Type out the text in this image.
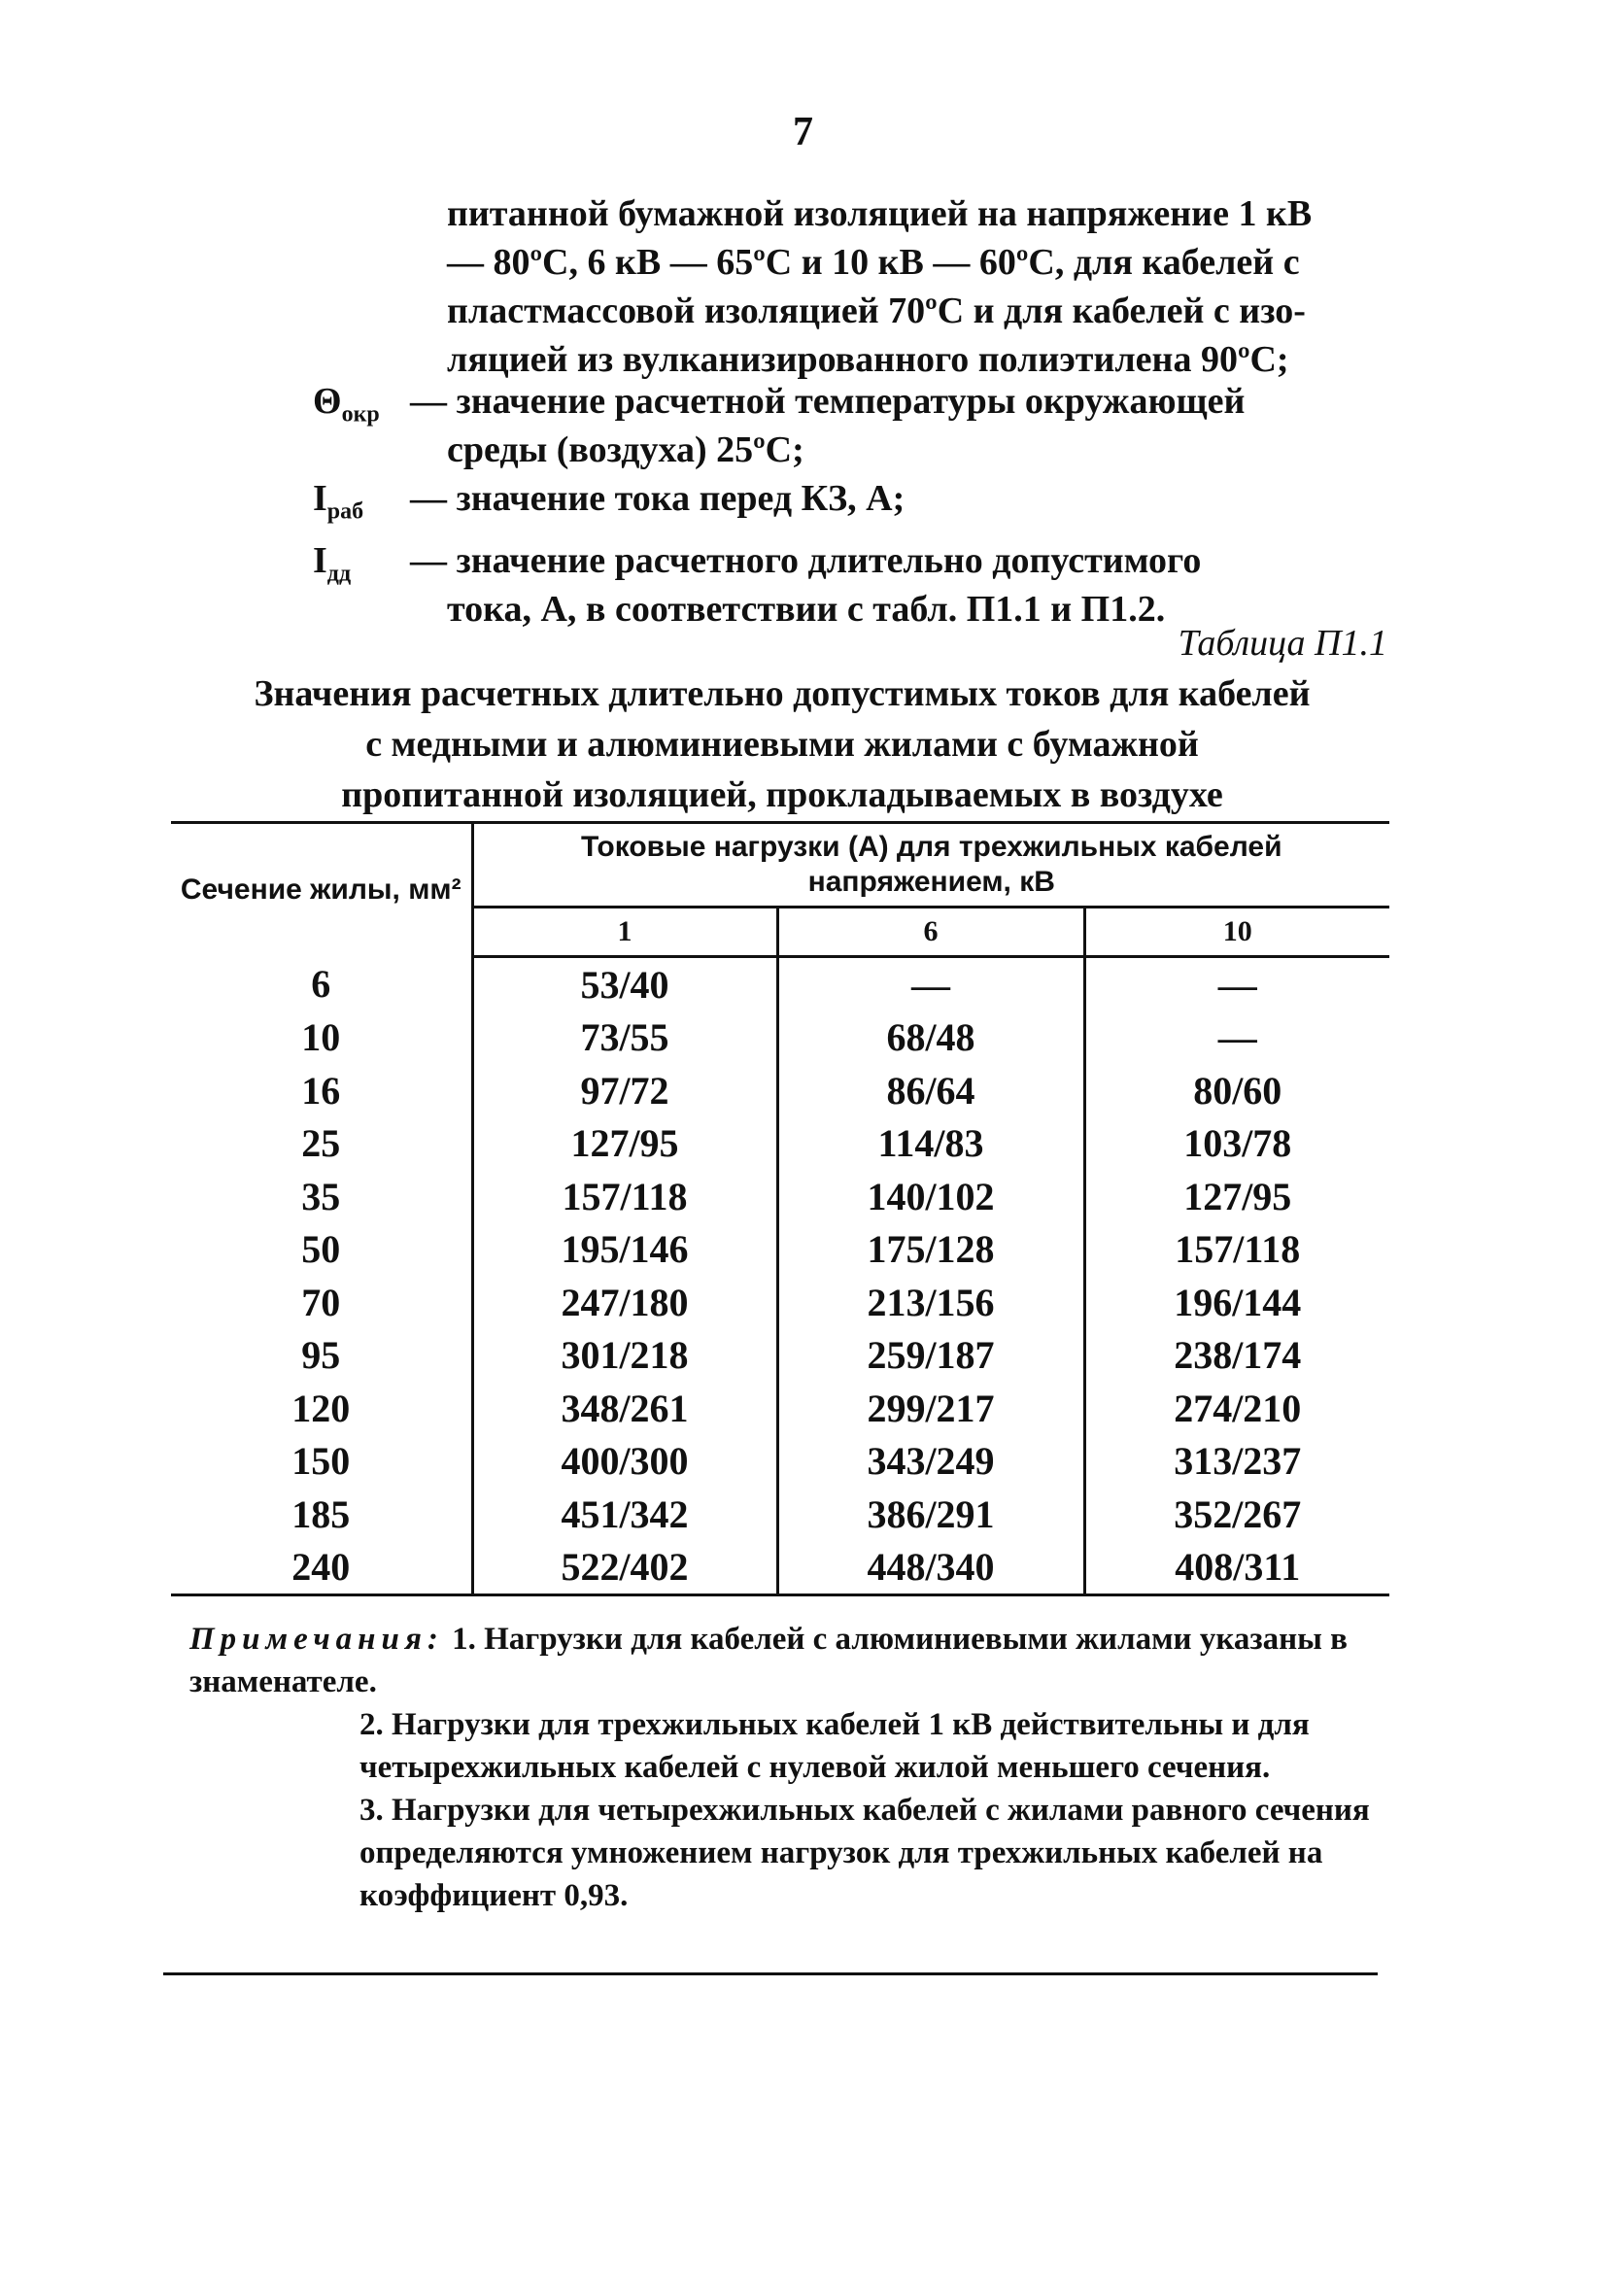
7

питанной бумажной изоляцией на напряжение 1 кВ

— 80ºC, 6 кВ — 65ºC и 10 кВ — 60ºC, для кабелей с

пластмассовой изоляцией 70ºC и для кабелей с изо-

ляцией из вулканизированного полиэтилена 90ºC;

$\Theta_{окр}$ — значение расчетной температуры окружающей
среды (воздуха) 25ºC;
$I_{раб}$	— значение тока перед КЗ, А;
$I_{дд}$	— значение расчетного длительно допустимого
тока, А, в соответствии с табл. П1.1 и П1.2.
Таблица П1.1
Значения расчетных длительно допустимых токов для кабелей
с медными и алюминиевыми жилами с бумажной
пропитанной изоляцией, прокладываемых в воздухе
Сечение жилы, мм²	Токовые нагрузки (А) для трехжильных кабелей напряжением, кВ		
	1	6	10
6	53/40	—	—
10	73/55	68/48	—
16	97/72	86/64	80/60
25	127/95	114/83	103/78
35	157/118	140/102	127/95
50	195/146	175/128	157/118
70	247/180	213/156	196/144
95	301/218	259/187	238/174
120	348/261	299/217	274/210
150	400/300	343/249	313/237
185	451/342	386/291	352/267
240	522/402	448/340	408/311

Примечания: 1. Нагрузки для кабелей с алюминиевыми жилами указаны в знаменателе.

2. Нагрузки для трехжильных кабелей 1 кВ действительны и для четырехжильных кабелей с нулевой жилой меньшего сечения.

3. Нагрузки для четырехжильных кабелей с жилами равного сечения определяются умножением нагрузок для трехжильных кабелей на коэффициент 0,93.
